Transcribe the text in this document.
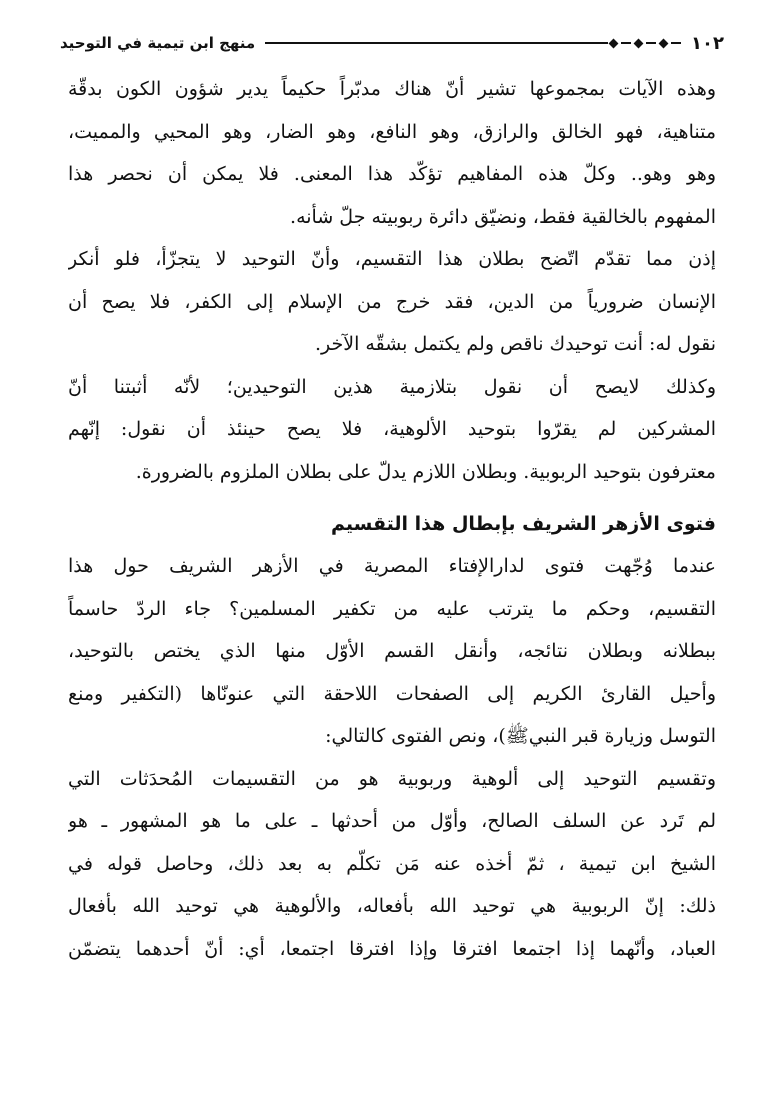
١٠٢
منهج ابن تيمية في التوحيد
وهذه الآيات بمجموعها تشير أنّ هناك مدبّراً حكيماً يدير شؤون الكون بدقّة
متناهية، فهو الخالق والرازق، وهو النافع، وهو الضار، وهو المحيي والمميت،
وهو وهو.. وكلّ هذه المفاهيم تؤكّد هذا المعنى. فلا يمكن أن نحصر هذا
المفهوم بالخالقية فقط، ونضيّق دائرة ربوبيته جلّ شأنه.
إذن مما تقدّم اتّضح بطلان هذا التقسيم، وأنّ التوحيد لا يتجزّأ، فلو أنكر
الإنسان ضرورياً من الدين، فقد خرج من الإسلام إلى الكفر، فلا يصح أن
نقول له: أنت توحيدك ناقص ولم يكتمل بشقّه الآخر.
وكذلك لايصح أن نقول بتلازمية هذين التوحيدين؛ لأنّه أثبتنا أنّ
المشركين لم يقرّوا بتوحيد الألوهية، فلا يصح حينئذ أن نقول: إنّهم
معترفون بتوحيد الربوبية. وبطلان اللازم يدلّ على بطلان الملزوم بالضرورة.
فتوى الأزهر الشريف بإبطال هذا التقسيم
عندما وُجّهت فتوى لدارالإفتاء المصرية في الأزهر الشريف حول هذا
التقسيم، وحكم ما يترتب عليه من تكفير المسلمين؟ جاء الردّ حاسماً
ببطلانه وبطلان نتائجه، وأنقل القسم الأوّل منها الذي يختص بالتوحيد،
وأحيل القارئ الكريم إلى الصفحات اللاحقة التي عنونّاها (التكفير ومنع
التوسل وزيارة قبر النبيﷺ)، ونص الفتوى كالتالي:
وتقسيم التوحيد إلى ألوهية وربوبية هو من التقسيمات المُحدَثات التي
لم تَرد عن السلف الصالح، وأوّل من أحدثها ـ على ما هو المشهور ـ هو
الشيخ ابن تيمية ، ثمّ أخذه عنه مَن تكلّم به بعد ذلك، وحاصل قوله في
ذلك: إنّ الربوبية هي توحيد الله بأفعاله، والألوهية هي توحيد الله بأفعال
العباد، وأنّهما إذا اجتمعا افترقا وإذا افترقا اجتمعا، أي: أنّ أحدهما يتضمّن
